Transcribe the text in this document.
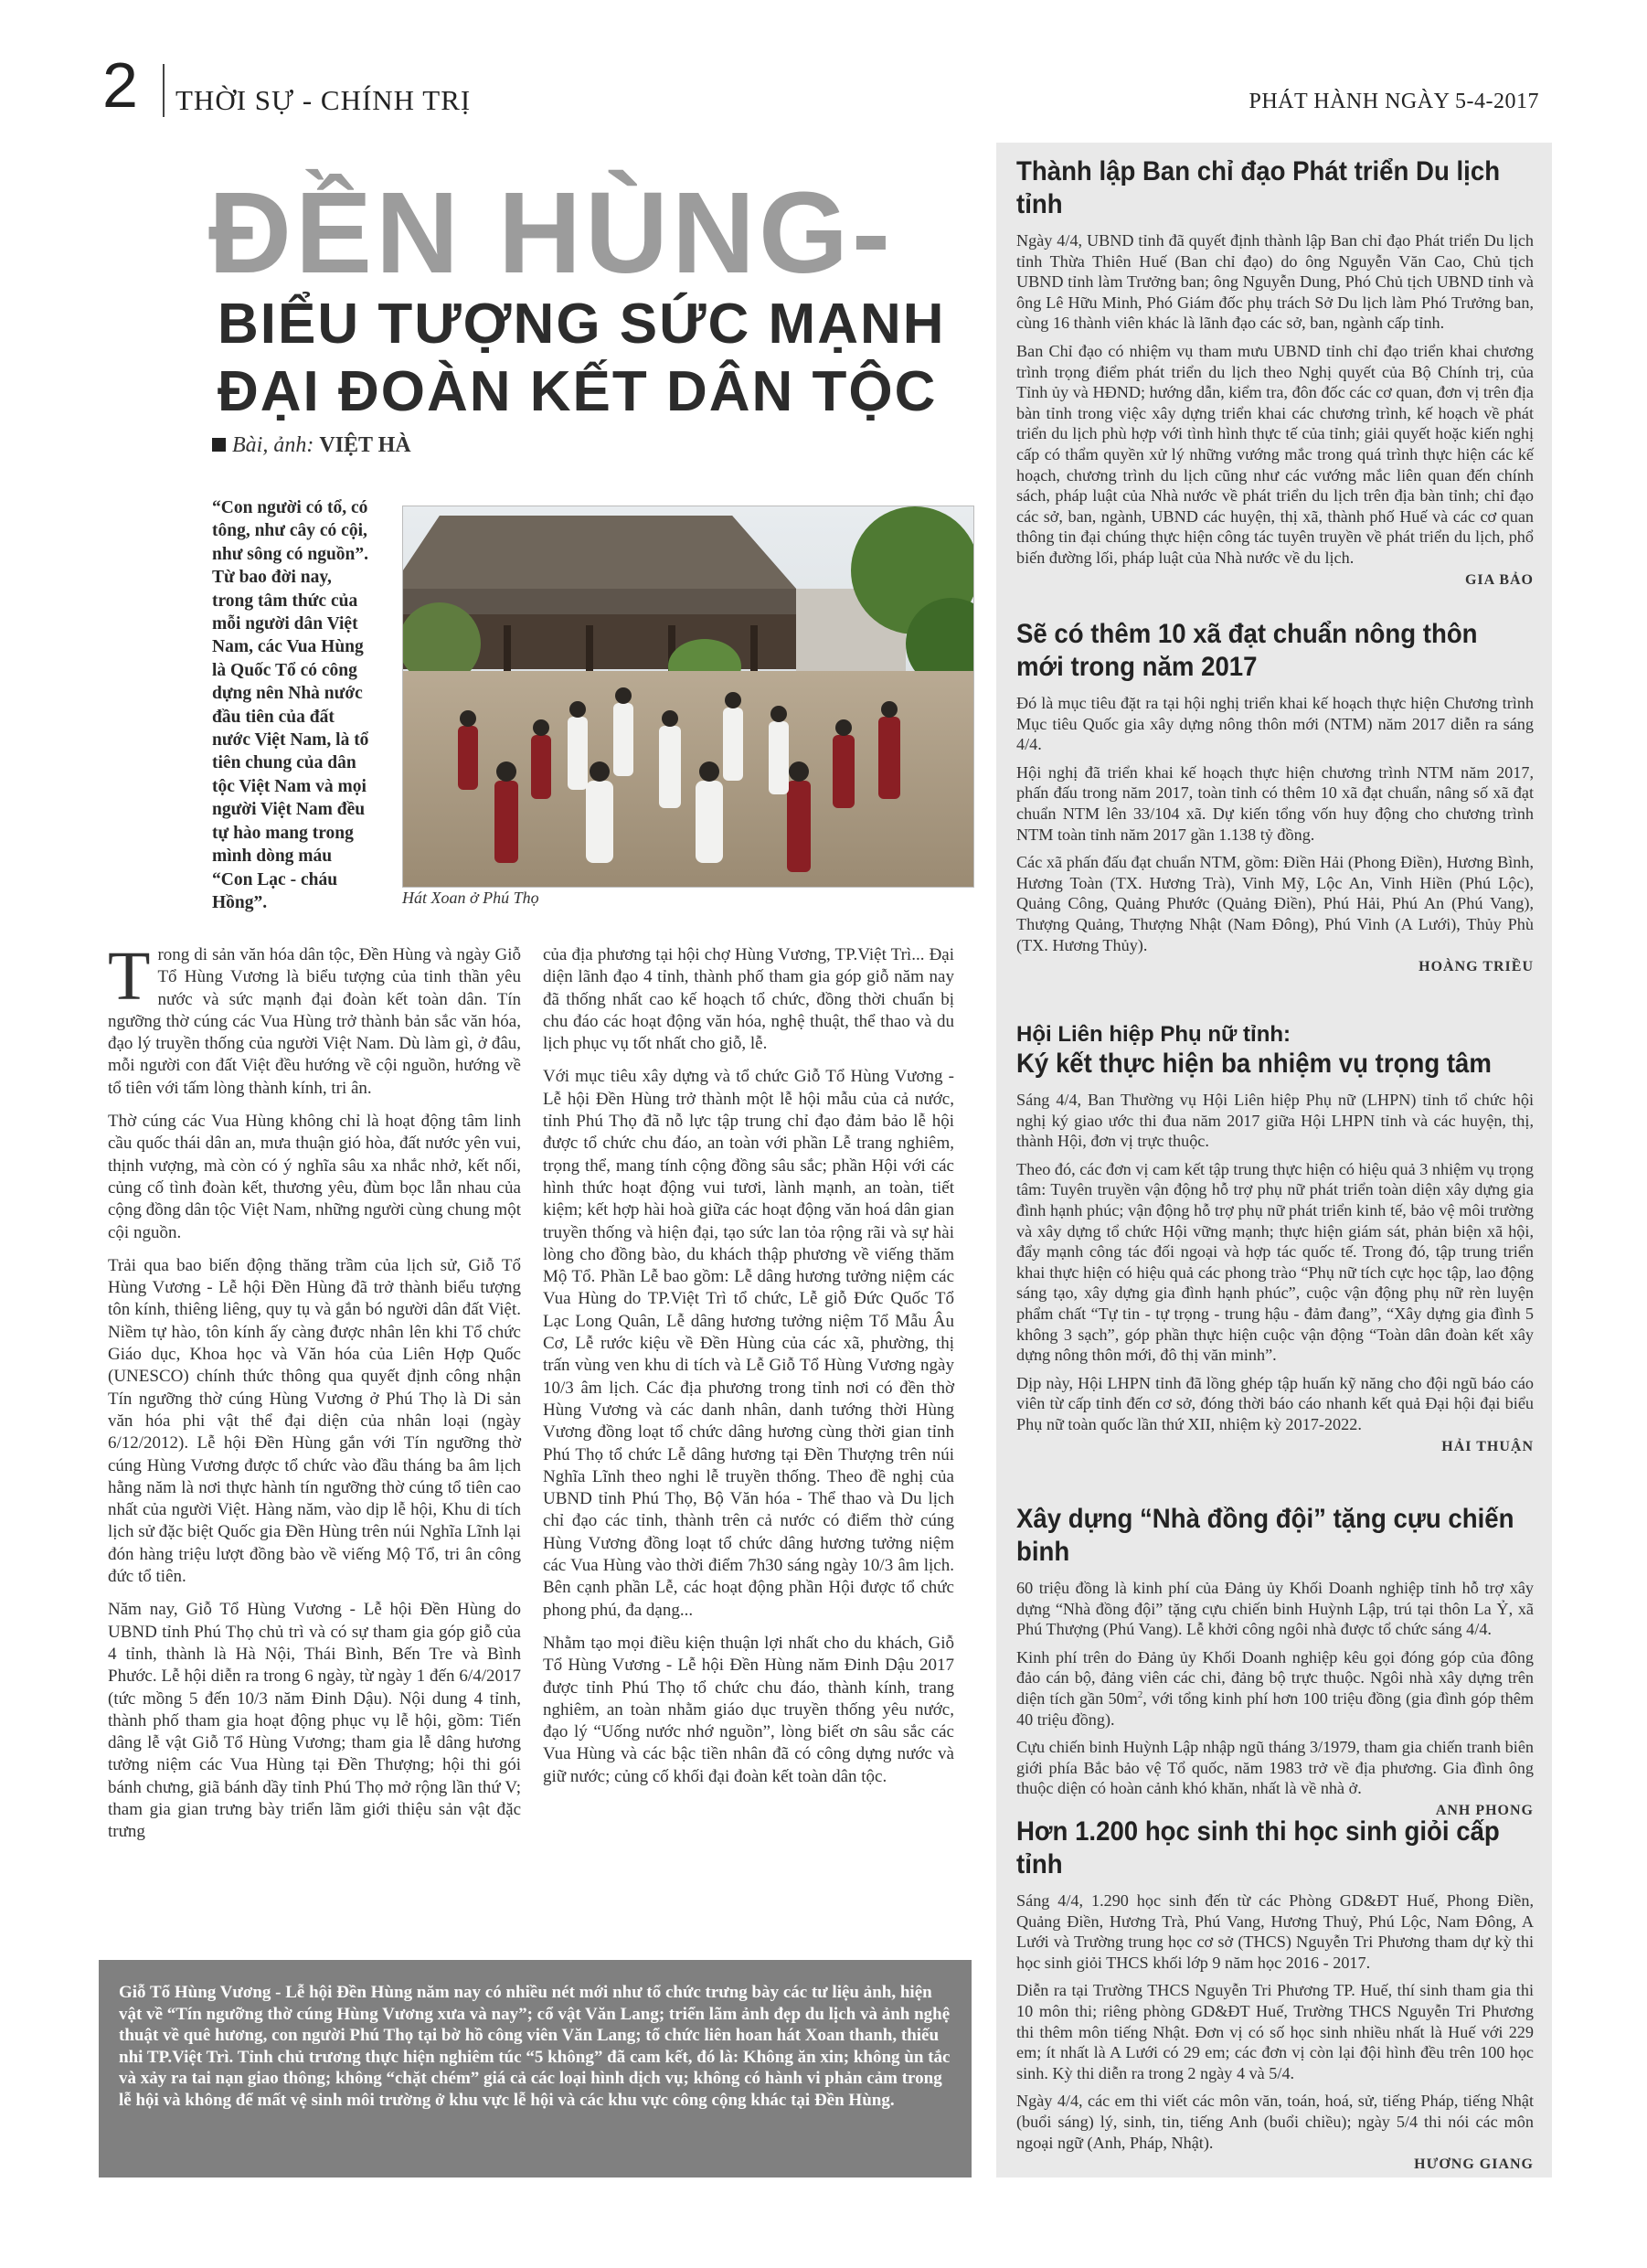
2 THỜI SỰ - CHÍNH TRỊ	PHÁT HÀNH NGÀY 5-4-2017
ĐỀN HÙNG-
BIỂU TƯỢNG SỨC MẠNH
ĐẠI ĐOÀN KẾT DÂN TỘC
Bài, ảnh: VIỆT HÀ
“Con người có tổ, có tông, như cây có cội, như sông có nguồn”. Từ bao đời nay, trong tâm thức của mỗi người dân Việt Nam, các Vua Hùng là Quốc Tổ có công dựng nên Nhà nước đầu tiên của đất nước Việt Nam, là tổ tiên chung của dân tộc Việt Nam và mọi người Việt Nam đều tự hào mang trong mình dòng máu “Con Lạc - cháu Hồng”.	Hát Xoan ở Phú Thọ

Trong di sản văn hóa dân tộc, Đền Hùng và ngày Giỗ Tổ Hùng Vương là biểu tượng của tinh thần yêu nước và sức mạnh đại đoàn kết toàn dân. Tín ngưỡng thờ cúng các Vua Hùng trở thành bản sắc văn hóa, đạo lý truyền thống của người Việt Nam. Dù làm gì, ở đâu, mỗi người con đất Việt đều hướng về cội nguồn, hướng về tổ tiên với tấm lòng thành kính, tri ân.

Thờ cúng các Vua Hùng không chỉ là hoạt động tâm linh cầu quốc thái dân an, mưa thuận gió hòa, đất nước yên vui, thịnh vượng, mà còn có ý nghĩa sâu xa nhắc nhở, kết nối, củng cố tình đoàn kết, thương yêu, đùm bọc lẫn nhau của cộng đồng dân tộc Việt Nam, những người cùng chung một cội nguồn.

Trải qua bao biến động thăng trầm của lịch sử, Giỗ Tổ Hùng Vương - Lễ hội Đền Hùng đã trở thành biểu tượng tôn kính, thiêng liêng, quy tụ và gắn bó người dân đất Việt. Niềm tự hào, tôn kính ấy càng được nhân lên khi Tổ chức Giáo dục, Khoa học và Văn hóa của Liên Hợp Quốc (UNESCO) chính thức thông qua quyết định công nhận Tín ngưỡng thờ cúng Hùng Vương ở Phú Thọ là Di sản văn hóa phi vật thể đại diện của nhân loại (ngày 6/12/2012). Lễ hội Đền Hùng gắn với Tín ngưỡng thờ cúng Hùng Vương được tổ chức vào đầu tháng ba âm lịch hằng năm là nơi thực hành tín ngưỡng thờ cúng tổ tiên cao nhất của người Việt. Hàng năm, vào dịp lễ hội, Khu di tích lịch sử đặc biệt Quốc gia Đền Hùng trên núi Nghĩa Lĩnh lại đón hàng triệu lượt đồng bào về viếng Mộ Tổ, tri ân công đức tổ tiên.

Năm nay, Giỗ Tổ Hùng Vương - Lễ hội Đền Hùng do UBND tỉnh Phú Thọ chủ trì và có sự tham gia góp giỗ của 4 tỉnh, thành là Hà Nội, Thái Bình, Bến Tre và Bình Phước. Lễ hội diễn ra trong 6 ngày, từ ngày 1 đến 6/4/2017 (tức mồng 5 đến 10/3 năm Đinh Dậu). Nội dung 4 tỉnh, thành phố tham gia hoạt động phục vụ lễ hội, gồm: Tiến dâng lễ vật Giỗ Tổ Hùng Vương; tham gia lễ dâng hương tưởng niệm các Vua Hùng tại Đền Thượng; hội thi gói bánh chưng, giã bánh dầy tỉnh Phú Thọ mở rộng lần thứ V; tham gia gian trưng bày triển lãm giới thiệu sản vật đặc trưng

của địa phương tại hội chợ Hùng Vương, TP.Việt Trì... Đại diện lãnh đạo 4 tỉnh, thành phố tham gia góp giỗ năm nay đã thống nhất cao kế hoạch tổ chức, đồng thời chuẩn bị chu đáo các hoạt động văn hóa, nghệ thuật, thể thao và du lịch phục vụ tốt nhất cho giỗ, lễ.

Với mục tiêu xây dựng và tổ chức Giỗ Tổ Hùng Vương - Lễ hội Đền Hùng trở thành một lễ hội mẫu của cả nước, tỉnh Phú Thọ đã nỗ lực tập trung chỉ đạo đảm bảo lễ hội được tổ chức chu đáo, an toàn với phần Lễ trang nghiêm, trọng thể, mang tính cộng đồng sâu sắc; phần Hội với các hình thức hoạt động vui tươi, lành mạnh, an toàn, tiết kiệm; kết hợp hài hoà giữa các hoạt động văn hoá dân gian truyền thống và hiện đại, tạo sức lan tỏa rộng rãi và sự hài lòng cho đồng bào, du khách thập phương về viếng thăm Mộ Tổ. Phần Lễ bao gồm: Lễ dâng hương tưởng niệm các Vua Hùng do TP.Việt Trì tổ chức, Lễ giỗ Đức Quốc Tổ Lạc Long Quân, Lễ dâng hương tưởng niệm Tổ Mẫu Âu Cơ, Lễ rước kiệu về Đền Hùng của các xã, phường, thị trấn vùng ven khu di tích và Lễ Giỗ Tổ Hùng Vương ngày 10/3 âm lịch. Các địa phương trong tỉnh nơi có đền thờ Hùng Vương và các danh nhân, danh tướng thời Hùng Vương đồng loạt tổ chức dâng hương cùng thời gian tỉnh Phú Thọ tổ chức Lễ dâng hương tại Đền Thượng trên núi Nghĩa Lĩnh theo nghi lễ truyền thống. Theo đề nghị của UBND tỉnh Phú Thọ, Bộ Văn hóa - Thể thao và Du lịch chỉ đạo các tỉnh, thành trên cả nước có điểm thờ cúng Hùng Vương đồng loạt tổ chức dâng hương tưởng niệm các Vua Hùng vào thời điểm 7h30 sáng ngày 10/3 âm lịch. Bên cạnh phần Lễ, các hoạt động phần Hội được tổ chức phong phú, đa dạng...

Nhằm tạo mọi điều kiện thuận lợi nhất cho du khách, Giỗ Tổ Hùng Vương - Lễ hội Đền Hùng năm Đinh Dậu 2017 được tỉnh Phú Thọ tổ chức chu đáo, thành kính, trang nghiêm, an toàn nhằm giáo dục truyền thống yêu nước, đạo lý “Uống nước nhớ nguồn”, lòng biết ơn sâu sắc các Vua Hùng và các bậc tiền nhân đã có công dựng nước và giữ nước; củng cố khối đại đoàn kết toàn dân tộc.

Giỗ Tổ Hùng Vương - Lễ hội Đền Hùng năm nay có nhiều nét mới như tổ chức trưng bày các tư liệu ảnh, hiện vật về “Tín ngưỡng thờ cúng Hùng Vương xưa và nay”; cổ vật Văn Lang; triển lãm ảnh đẹp du lịch và ảnh nghệ thuật về quê hương, con người Phú Thọ tại bờ hồ công viên Văn Lang; tổ chức liên hoan hát Xoan thanh, thiếu nhi TP.Việt Trì. Tỉnh chủ trương thực hiện nghiêm túc “5 không” đã cam kết, đó là: Không ăn xin; không ùn tắc và xảy ra tai nạn giao thông; không “chặt chém” giá cả các loại hình dịch vụ; không có hành vi phản cảm trong lễ hội và không để mất vệ sinh môi trường ở khu vực lễ hội và các khu vực công cộng khác tại Đền Hùng.
Thành lập Ban chỉ đạo Phát triển Du lịch tỉnh

Ngày 4/4, UBND tỉnh đã quyết định thành lập Ban chỉ đạo Phát triển Du lịch tỉnh Thừa Thiên Huế (Ban chỉ đạo) do ông Nguyễn Văn Cao, Chủ tịch UBND tỉnh làm Trưởng ban; ông Nguyễn Dung, Phó Chủ tịch UBND tỉnh và ông Lê Hữu Minh, Phó Giám đốc phụ trách Sở Du lịch làm Phó Trưởng ban, cùng 16 thành viên khác là lãnh đạo các sở, ban, ngành cấp tỉnh.

Ban Chỉ đạo có nhiệm vụ tham mưu UBND tỉnh chỉ đạo triển khai chương trình trọng điểm phát triển du lịch theo Nghị quyết của Bộ Chính trị, của Tỉnh ủy và HĐND; hướng dẫn, kiểm tra, đôn đốc các cơ quan, đơn vị trên địa bàn tỉnh trong việc xây dựng triển khai các chương trình, kế hoạch về phát triển du lịch phù hợp với tình hình thực tế của tỉnh; giải quyết hoặc kiến nghị cấp có thẩm quyền xử lý những vướng mắc trong quá trình thực hiện các kế hoạch, chương trình du lịch cũng như các vướng mắc liên quan đến chính sách, pháp luật của Nhà nước về phát triển du lịch trên địa bàn tỉnh; chỉ đạo các sở, ban, ngành, UBND các huyện, thị xã, thành phố Huế và các cơ quan thông tin đại chúng thực hiện công tác tuyên truyền về phát triển du lịch, phổ biến đường lối, pháp luật của Nhà nước về du lịch.

GIA BẢO
Sẽ có thêm 10 xã đạt chuẩn nông thôn mới trong năm 2017

Đó là mục tiêu đặt ra tại hội nghị triển khai kế hoạch thực hiện Chương trình Mục tiêu Quốc gia xây dựng nông thôn mới (NTM) năm 2017 diễn ra sáng 4/4.

Hội nghị đã triển khai kế hoạch thực hiện chương trình NTM năm 2017, phấn đấu trong năm 2017, toàn tỉnh có thêm 10 xã đạt chuẩn, nâng số xã đạt chuẩn NTM lên 33/104 xã. Dự kiến tổng vốn huy động cho chương trình NTM toàn tỉnh năm 2017 gần 1.138 tỷ đồng.

Các xã phấn đấu đạt chuẩn NTM, gồm: Điền Hải (Phong Điền), Hương Bình, Hương Toàn (TX. Hương Trà), Vinh Mỹ, Lộc An, Vinh Hiền (Phú Lộc), Quảng Công, Quảng Phước (Quảng Điền), Phú Hải, Phú An (Phú Vang), Thượng Quảng, Thượng Nhật (Nam Đông), Phú Vinh (A Lưới), Thủy Phù (TX. Hương Thủy).

HOÀNG TRIỀU
Hội Liên hiệp Phụ nữ tỉnh:
Ký kết thực hiện ba nhiệm vụ trọng tâm

Sáng 4/4, Ban Thường vụ Hội Liên hiệp Phụ nữ (LHPN) tỉnh tổ chức hội nghị ký giao ước thi đua năm 2017 giữa Hội LHPN tỉnh và các huyện, thị, thành Hội, đơn vị trực thuộc.

Theo đó, các đơn vị cam kết tập trung thực hiện có hiệu quả 3 nhiệm vụ trọng tâm: Tuyên truyền vận động hỗ trợ phụ nữ phát triển toàn diện xây dựng gia đình hạnh phúc; vận động hỗ trợ phụ nữ phát triển kinh tế, bảo vệ môi trường và xây dựng tổ chức Hội vững mạnh; thực hiện giám sát, phản biện xã hội, đẩy mạnh công tác đối ngoại và hợp tác quốc tế. Trong đó, tập trung triển khai thực hiện có hiệu quả các phong trào “Phụ nữ tích cực học tập, lao động sáng tạo, xây dựng gia đình hạnh phúc”, cuộc vận động phụ nữ rèn luyện phẩm chất “Tự tin - tự trọng - trung hậu - đảm đang”, “Xây dựng gia đình 5 không 3 sạch”, góp phần thực hiện cuộc vận động “Toàn dân đoàn kết xây dựng nông thôn mới, đô thị văn minh”.

Dịp này, Hội LHPN tỉnh đã lồng ghép tập huấn kỹ năng cho đội ngũ báo cáo viên từ cấp tỉnh đến cơ sở, đóng thời báo cáo nhanh kết quả Đại hội đại biểu Phụ nữ toàn quốc lần thứ XII, nhiệm kỳ 2017-2022.

HẢI THUẬN
Xây dựng “Nhà đồng đội” tặng cựu chiến binh

60 triệu đồng là kinh phí của Đảng ủy Khối Doanh nghiệp tỉnh hỗ trợ xây dựng “Nhà đồng đội” tặng cựu chiến binh Huỳnh Lập, trú tại thôn La Ỷ, xã Phú Thượng (Phú Vang). Lễ khởi công ngôi nhà được tổ chức sáng 4/4.

Kinh phí trên do Đảng ủy Khối Doanh nghiệp kêu gọi đóng góp của đông đảo cán bộ, đảng viên các chi, đảng bộ trực thuộc. Ngôi nhà xây dựng trên diện tích gần $50m^2$, với tổng kinh phí hơn 100 triệu đồng (gia đình góp thêm 40 triệu đồng).

Cựu chiến binh Huỳnh Lập nhập ngũ tháng 3/1979, tham gia chiến tranh biên giới phía Bắc bảo vệ Tổ quốc, năm 1983 trở về địa phương. Gia đình ông thuộc diện có hoàn cảnh khó khăn, nhất là về nhà ở.

ANH PHONG
Hơn 1.200 học sinh thi học sinh giỏi cấp tỉnh

Sáng 4/4, 1.290 học sinh đến từ các Phòng GD&ĐT Huế, Phong Điền, Quảng Điền, Hương Trà, Phú Vang, Hương Thuỷ, Phú Lộc, Nam Đông, A Lưới và Trường trung học cơ sở (THCS) Nguyễn Tri Phương tham dự kỳ thi học sinh giỏi THCS khối lớp 9 năm học 2016 - 2017.

Diễn ra tại Trường THCS Nguyễn Tri Phương TP. Huế, thí sinh tham gia thi 10 môn thi; riêng phòng GD&ĐT Huế, Trường THCS Nguyễn Tri Phương thi thêm môn tiếng Nhật. Đơn vị có số học sinh nhiều nhất là Huế với 229 em; ít nhất là A Lưới có 29 em; các đơn vị còn lại đội hình đều trên 100 học sinh. Kỳ thi diễn ra trong 2 ngày 4 và 5/4.

Ngày 4/4, các em thi viết các môn văn, toán, hoá, sử, tiếng Pháp, tiếng Nhật (buổi sáng) lý, sinh, tin, tiếng Anh (buổi chiều); ngày 5/4 thi nói các môn ngoại ngữ (Anh, Pháp, Nhật).

HƯƠNG GIANG
